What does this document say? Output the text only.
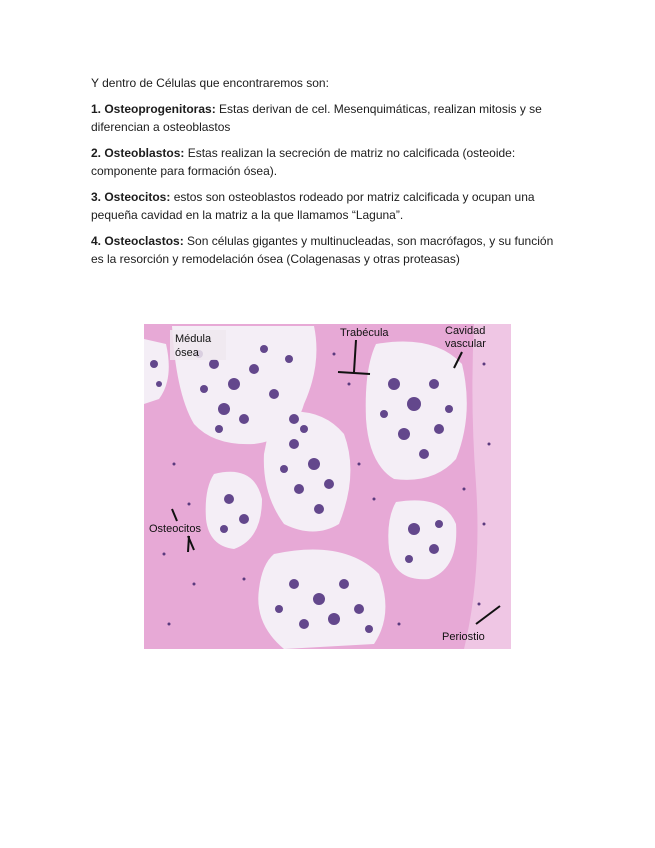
Y dentro de Células que encontraremos son:

1. Osteoprogenitoras: Estas derivan de cel. Mesenquimáticas, realizan mitosis y se diferencian a osteoblastos

2. Osteoblastos: Estas realizan la secreción de matriz no calcificada (osteoide: componente para formación ósea).

3. Osteocitos: estos son osteoblastos rodeado por matriz calcificada y ocupan una pequeña cavidad en la matriz a la que llamamos “Laguna”.

4. Osteoclastos: Son células gigantes y multinucleadas, son macrófagos, y su función es la resorción y remodelación ósea (Colagenasas y otras proteasas)

Médula
ósea
Trabécula	Cavidad
vascular
Osteocitos
Periostio
